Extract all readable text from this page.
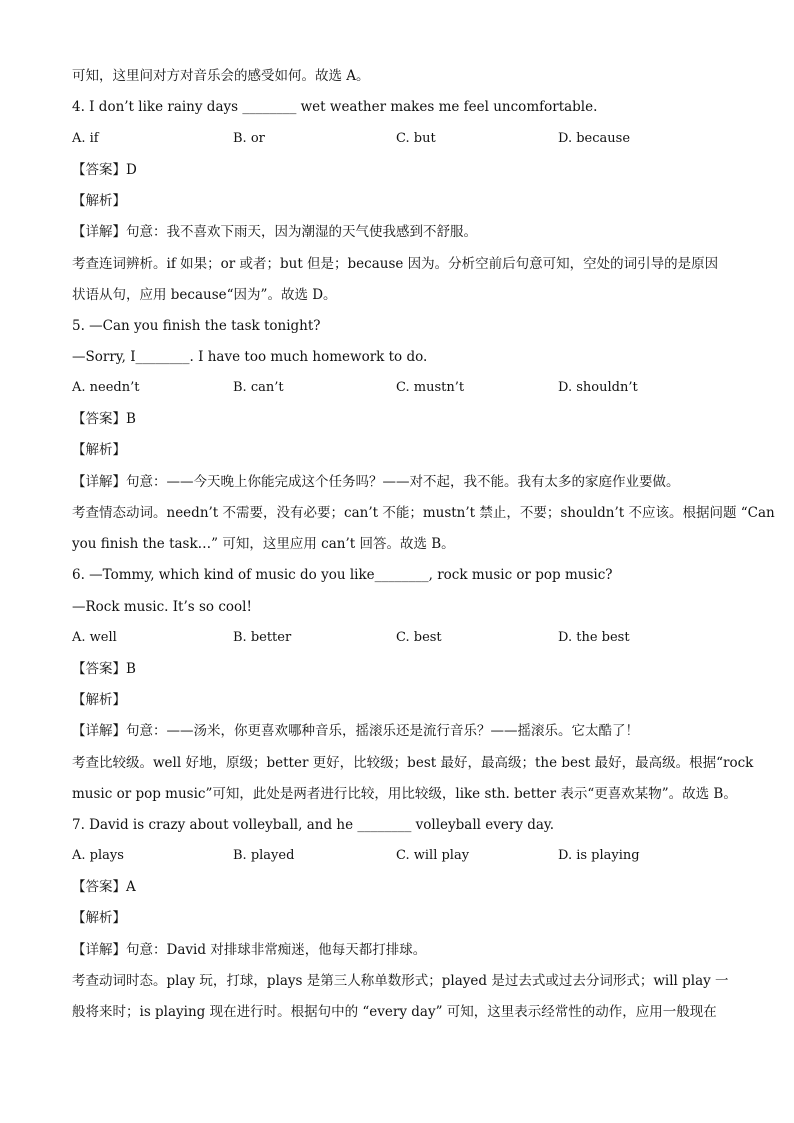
可知，这里问对方对音乐会的感受如何。故选 A。
4. I don’t like rainy days ________ wet weather makes me feel uncomfortable.
A. if	B. or	C. but	D. because
【答案】D
【解析】
【详解】句意：我不喜欢下雨天，因为潮湿的天气使我感到不舒服。
考查连词辨析。if 如果；or 或者；but 但是；because 因为。分析空前后句意可知，空处的词引导的是原因
状语从句，应用 because“因为”。故选 D。
5. —Can you finish the task tonight?
—Sorry, I________. I have too much homework to do.
A. needn’t	B. can’t	C. mustn’t	D. shouldn’t
【答案】B
【解析】
【详解】句意：——今天晚上你能完成这个任务吗？——对不起，我不能。我有太多的家庭作业要做。
考查情态动词。needn’t 不需要，没有必要；can’t 不能；mustn’t 禁止，不要；shouldn’t 不应该。根据问题 “Can
you finish the task…” 可知，这里应用 can’t 回答。故选 B。
6. —Tommy, which kind of music do you like________, rock music or pop music?
—Rock music. It’s so cool!
A. well	B. better	C. best	D. the best
【答案】B
【解析】
【详解】句意：——汤米，你更喜欢哪种音乐，摇滚乐还是流行音乐？——摇滚乐。它太酷了！
考查比较级。well 好地，原级；better 更好，比较级；best 最好，最高级；the best 最好，最高级。根据“rock
music or pop music”可知，此处是两者进行比较，用比较级，like sth. better 表示“更喜欢某物”。故选 B。
7. David is crazy about volleyball, and he ________ volleyball every day.
A. plays	B. played	C. will play	D. is playing
【答案】A
【解析】
【详解】句意：David 对排球非常痴迷，他每天都打排球。
考查动词时态。play 玩，打球，plays 是第三人称单数形式；played 是过去式或过去分词形式；will play 一
般将来时；is playing 现在进行时。根据句中的 “every day” 可知，这里表示经常性的动作，应用一般现在
